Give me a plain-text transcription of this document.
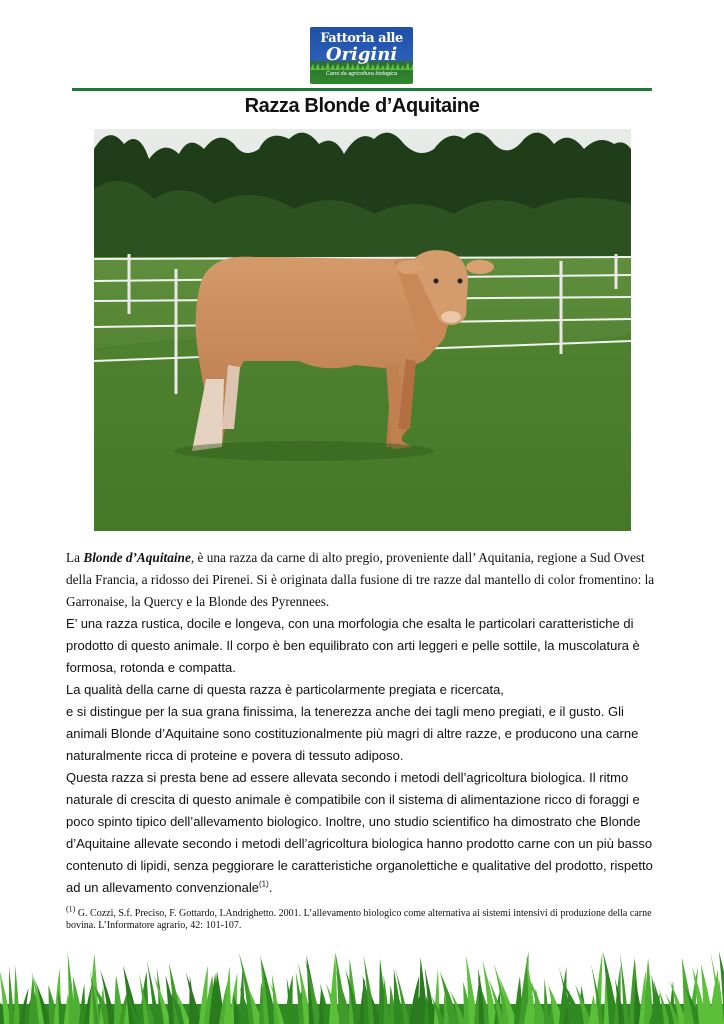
Fattoria alle
Origini
Carni da agricoltura biologica
Razza Blonde d’Aquitaine

La Blonde d’Aquitaine, è una razza da carne di alto pregio, proveniente dall’ Aquitania, regione a Sud Ovest della Francia, a ridosso dei Pirenei. Si è originata dalla fusione di tre razze dal mantello di color fromentino: la Garronaise, la Quercy e la Blonde des Pyrennees.

E’ una razza rustica, docile e longeva, con una morfologia che esalta le particolari caratteristiche di prodotto di questo animale. Il corpo è ben equilibrato con arti leggeri e pelle sottile, la muscolatura è formosa, rotonda e compatta.

La qualità della carne di questa razza è particolarmente pregiata e ricercata,

e si distingue per la sua grana finissima, la tenerezza anche dei tagli meno pregiati, e il gusto. Gli animali Blonde d’Aquitaine sono costituzionalmente più magri di altre razze, e producono una carne naturalmente ricca di proteine e povera di tessuto adiposo.

Questa razza si presta bene ad essere allevata secondo i metodi dell’agricoltura biologica. Il ritmo naturale di crescita di questo animale è compatibile con il sistema di alimentazione ricco di foraggi e poco spinto tipico dell’allevamento biologico. Inoltre, uno studio scientifico ha dimostrato che Blonde d’Aquitaine allevate secondo i metodi dell’agricoltura biologica hanno prodotto carne con un più basso contenuto di lipidi, senza peggiorare le caratteristiche organolettiche e qualitative del prodotto, rispetto ad un allevamento convenzionale$^{(1)}$.

$^{(1)}$ G. Cozzi, S.f. Preciso, F. Gottardo, I.Andrighetto. 2001. L’allevamento biologico come alternativa ai sistemi intensivi di produzione della carne bovina. L’Informatore agrario, 42: 101-107.
